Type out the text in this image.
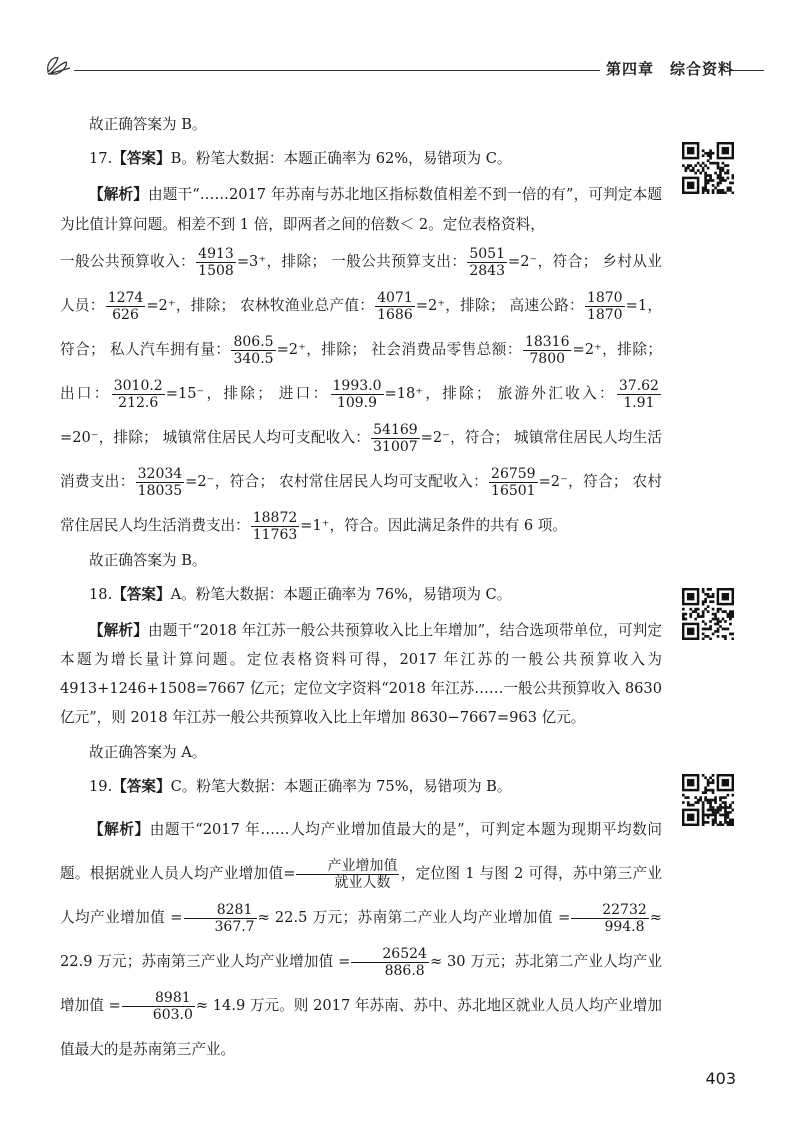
第四章　综合资料

故正确答案为 B。

17.【答案】B。粉笔大数据：本题正确率为 62%，易错项为 C。

【解析】由题干“……2017 年苏南与苏北地区指标数值相差不到一倍的有”，可判定本题为比值计算问题。相差不到 1 倍，即两者之间的倍数＜ 2。定位表格资料，

一般公共预算收入： $\frac{4913}{1508} =3^+$，排除； 一般公共预算支出： $\frac{5051}{2843} =2^-$，符合； 乡村从业人员： $\frac{1274}{626} =2^+$，排除； 农林牧渔业总产值： $\frac{4071}{1686} =2^+$，排除； 高速公路： $\frac{1870}{1870} =1$，符合； 私人汽车拥有量： $\frac{806.5}{340.5} =2^+$，排除； 社会消费品零售总额： $\frac{18316}{7800} =2^+$，排除； 出口： $\frac{3010.2}{212.6} =15^-$，排除； 进口： $\frac{1993.0}{109.9} =18^+$，排除； 旅游外汇收入： $\frac{37.62}{1.91}$
=20⁻，排除； 城镇常住居民人均可支配收入： $\frac{54169}{31007} =2^-$，符合； 城镇常住居民人均生活消费支出： $\frac{32034}{18035} =2^-$，符合； 农村常住居民人均可支配收入： $\frac{26759}{16501} =2^-$，符合； 农村常住居民人均生活消费支出： $\frac{18872}{11763} =1^+$，符合。因此满足条件的共有 6 项。

故正确答案为 B。

18.【答案】A。粉笔大数据：本题正确率为 76%，易错项为 C。

【解析】由题干“2018 年江苏一般公共预算收入比上年增加”，结合选项带单位，可判定本题为增长量计算问题。定位表格资料可得，2017 年江苏的一般公共预算收入为 4913+1246+1508=7667 亿元；定位文字资料“2018 年江苏……一般公共预算收入 8630 亿元”，则 2018 年江苏一般公共预算收入比上年增加 8630−7667=963 亿元。

故正确答案为 A。

19.【答案】C。粉笔大数据：本题正确率为 75%，易错项为 B。

【解析】由题干“2017 年……人均产业增加值最大的是”，可判定本题为现期平均数问题。根据就业人员人均产业增加值= $\frac{\text{产业增加值}}{\text{就业人数}}$ ，定位图 1 与图 2 可得，苏中第三产业人均产业增加值 = $\frac{8281}{367.7} \approx 22.5$ 万元；苏南第二产业人均产业增加值 = $\frac{22732}{994.8} \approx 22.9$ 万元；苏南第三产业人均产业增加值 = $\frac{26524}{886.8} \approx 30$ 万元；苏北第二产业人均产业增加值 = $\frac{8981}{603.0} \approx 14.9$ 万元。则 2017 年苏南、苏中、苏北地区就业人员人均产业增加值最大的是苏南第三产业。

403
